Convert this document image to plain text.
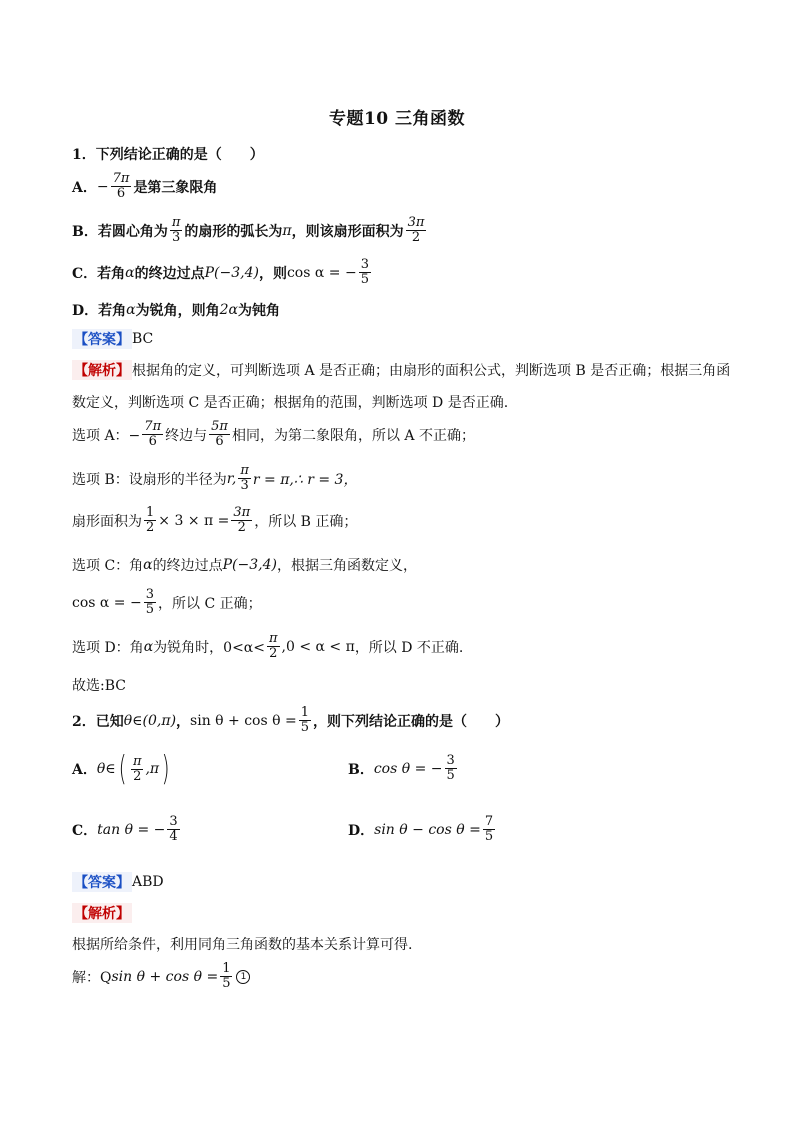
专题10 三角函数
1．下列结论正确的是（　　）
A． − $\frac{7\pi}{6}$ 是第三象限角
B．若圆心角为 $\frac{\pi}{3}$ 的扇形的弧长为 π ，则该扇形面积为 $\frac{3\pi}{2}$
C．若角 α 的终边过点 P(−3,4) ，则 cos α = − $\frac{3}{5}$
D．若角 α 为锐角，则角 2α 为钝角
【答案】 BC
【解析】 根据角的定义，可判断选项 A 是否正确；由扇形的面积公式，判断选项 B 是否正确；根据三角函
数定义，判断选项 C 是否正确；根据角的范围，判断选项 D 是否正确.
选项 A：− $\frac{7\pi}{6}$ 终边与 $\frac{5\pi}{6}$ 相同，为第二象限角，所以 A 不正确；
选项 B：设扇形的半径为 r, $\frac{\pi}{3}$ r = π,∴ r = 3，
扇形面积为 $\frac{1}{2} \times 3 \times \pi = \frac{3\pi}{2}$ ，所以 B 正确；
选项 C：角 α 的终边过点 P(−3,4) ，根据三角函数定义，
cos α = − $\frac{3}{5}$ ，所以 C 正确；
选项 D：角 α 为锐角时，$0<\alpha< \frac{\pi}{2} ,0 < \alpha < \pi$ ，所以 D 不正确.
故选:BC
2．已知 θ∈(0,π) ， $\sin \theta + \cos \theta = \frac{1}{5}$ ，则下列结论正确的是（　　）
A． θ∈ ( $\frac{\pi}{2} ,\pi$ )	B． cos θ = − $\frac{3}{5}$
C． tan θ = − $\frac{3}{4}$	D． $\sin \theta - \cos \theta = \frac{7}{5}$
【答案】 ABD
【解析】
根据所给条件，利用同角三角函数的基本关系计算可得.
解：Q $\sin \theta + \cos \theta = \frac{1}{5} 1$
